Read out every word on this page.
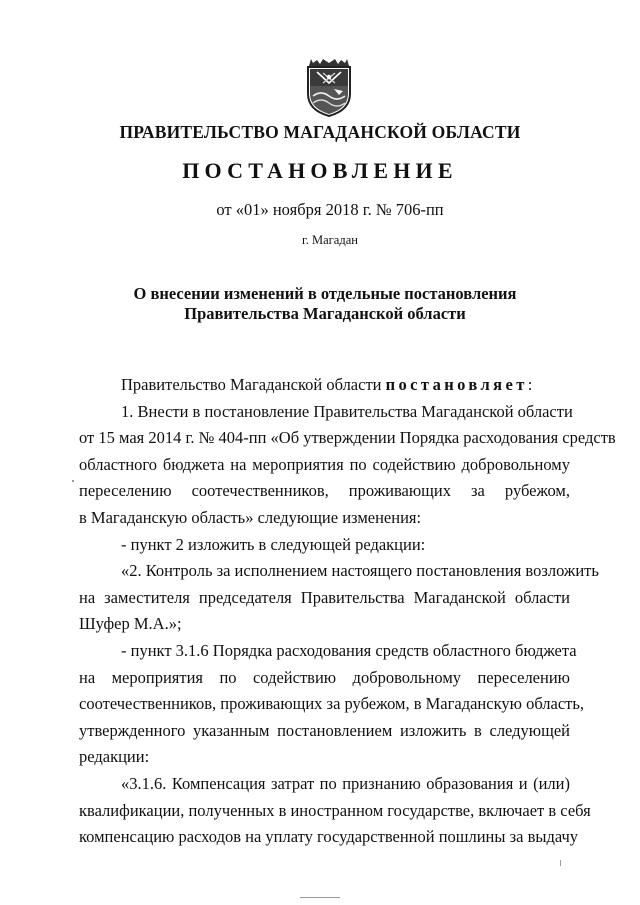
ПРАВИТЕЛЬСТВО МАГАДАНСКОЙ ОБЛАСТИ
ПОСТАНОВЛЕНИЕ
от «01» ноября 2018 г. № 706-пп
г. Магадан
О внесении изменений в отдельные постановления
Правительства Магаданской области
Правительство Магаданской области постановляет:
1. Внести в постановление Правительства Магаданской области
от 15 мая 2014 г. № 404-пп «Об утверждении Порядка расходования средств
областного бюджета на мероприятия по содействию добровольному
переселению соотечественников, проживающих за рубежом,
в Магаданскую область» следующие изменения:
- пункт 2 изложить в следующей редакции:
«2. Контроль за исполнением настоящего постановления возложить
на заместителя председателя Правительства Магаданской области
Шуфер М.А.»;
- пункт 3.1.6 Порядка расходования средств областного бюджета
на мероприятия по содействию добровольному переселению
соотечественников, проживающих за рубежом, в Магаданскую область,
утвержденного указанным постановлением изложить в следующей
редакции:
«3.1.6. Компенсация затрат по признанию образования и (или)
квалификации, полученных в иностранном государстве, включает в себя
компенсацию расходов на уплату государственной пошлины за выдачу
